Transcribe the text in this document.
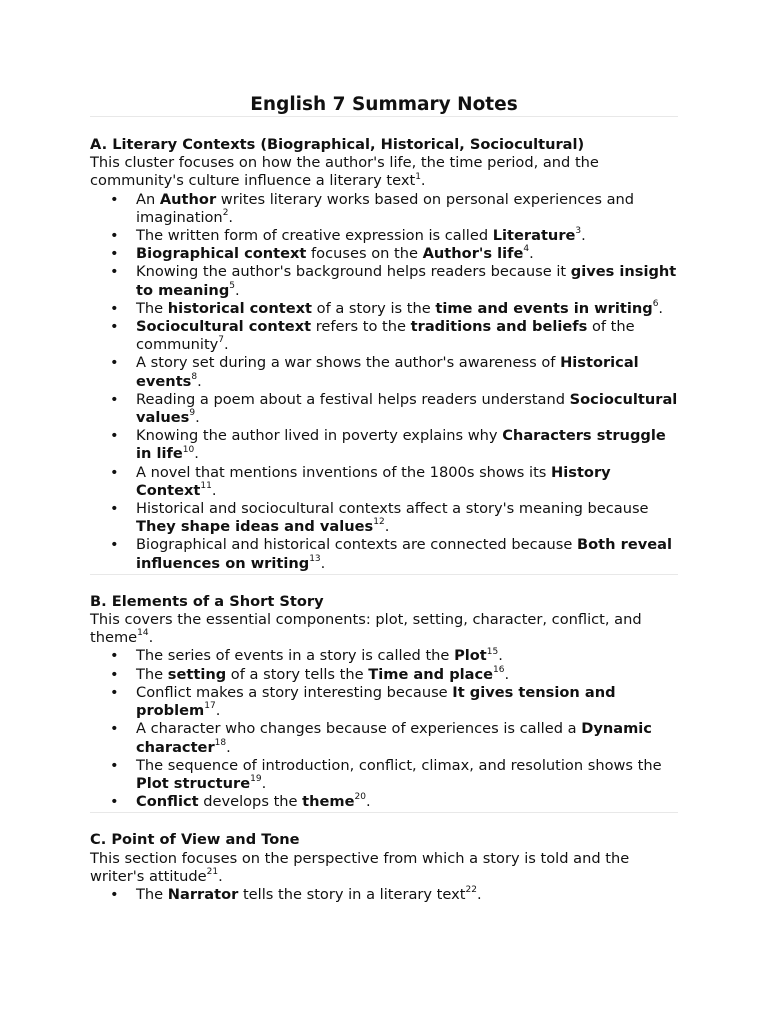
English 7 Summary Notes
A. Literary Contexts (Biographical, Historical, Sociocultural)
This cluster focuses on how the author's life, the time period, and the community's culture influence a literary text$^1$.
• An Author writes literary works based on personal experiences and imagination$^2$.
• The written form of creative expression is called Literature$^3$.
• Biographical context focuses on the Author's life$^4$.
• Knowing the author's background helps readers because it gives insight to meaning$^5$.
• The historical context of a story is the time and events in writing$^6$.
• Sociocultural context refers to the traditions and beliefs of the community$^7$.
• A story set during a war shows the author's awareness of Historical events$^8$.
• Reading a poem about a festival helps readers understand Sociocultural values$^9$.
• Knowing the author lived in poverty explains why Characters struggle in life$^{10}$.
• A novel that mentions inventions of the 1800s shows its History Context$^{11}$.
• Historical and sociocultural contexts affect a story's meaning because They shape ideas and values$^{12}$.
• Biographical and historical contexts are connected because Both reveal influences on writing$^{13}$.
B. Elements of a Short Story
This covers the essential components: plot, setting, character, conflict, and theme$^{14}$.
• The series of events in a story is called the Plot$^{15}$.
• The setting of a story tells the Time and place$^{16}$.
• Conflict makes a story interesting because It gives tension and problem$^{17}$.
• A character who changes because of experiences is called a Dynamic character$^{18}$.
• The sequence of introduction, conflict, climax, and resolution shows the Plot structure$^{19}$.
• Conflict develops the theme$^{20}$.
C. Point of View and Tone
This section focuses on the perspective from which a story is told and the writer's attitude$^{21}$.
• The Narrator tells the story in a literary text$^{22}$.
